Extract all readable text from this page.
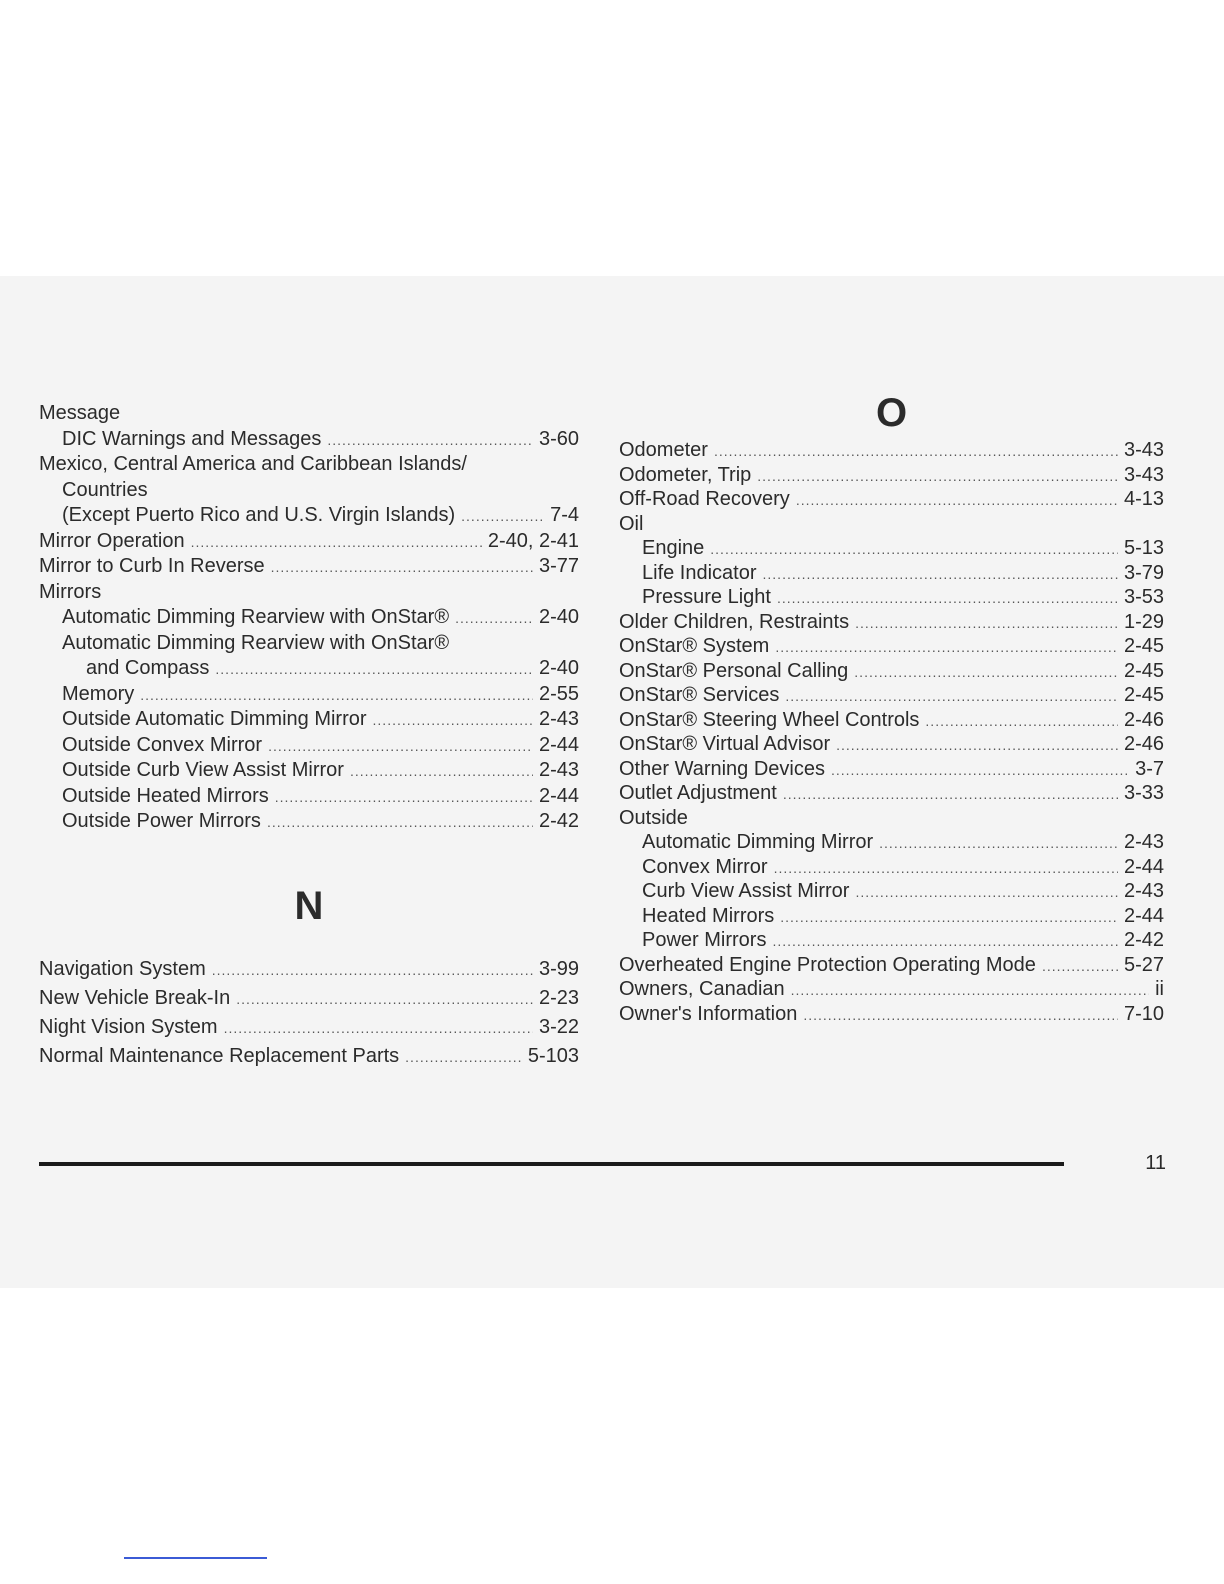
Message
DIC Warnings and Messages .....	3-60
Mexico, Central America and Caribbean Islands/
Countries
(Except Puerto Rico and U.S. Virgin Islands) .....	7-4
Mirror Operation .....	2-40, 2-41
Mirror to Curb In Reverse .....	3-77
Mirrors
Automatic Dimming Rearview with OnStar® .....	2-40
Automatic Dimming Rearview with OnStar®
and Compass .....	2-40
Memory .....	2-55
Outside Automatic Dimming Mirror .....	2-43
Outside Convex Mirror .....	2-44
Outside Curb View Assist Mirror .....	2-43
Outside Heated Mirrors .....	2-44
Outside Power Mirrors .....	2-42
N
Navigation System .....	3-99
New Vehicle Break-In .....	2-23
Night Vision System .....	3-22
Normal Maintenance Replacement Parts .....	5-103
O
Odometer .....	3-43
Odometer, Trip .....	3-43
Off-Road Recovery .....	4-13
Oil
Engine .....	5-13
Life Indicator .....	3-79
Pressure Light .....	3-53
Older Children, Restraints .....	1-29
OnStar® System .....	2-45
OnStar® Personal Calling .....	2-45
OnStar® Services .....	2-45
OnStar® Steering Wheel Controls .....	2-46
OnStar® Virtual Advisor .....	2-46
Other Warning Devices .....	3-7
Outlet Adjustment .....	3-33
Outside
Automatic Dimming Mirror .....	2-43
Convex Mirror .....	2-44
Curb View Assist Mirror .....	2-43
Heated Mirrors .....	2-44
Power Mirrors .....	2-42
Overheated Engine Protection Operating Mode .....	5-27
Owners, Canadian .....	ii
Owner's Information .....	7-10
11
